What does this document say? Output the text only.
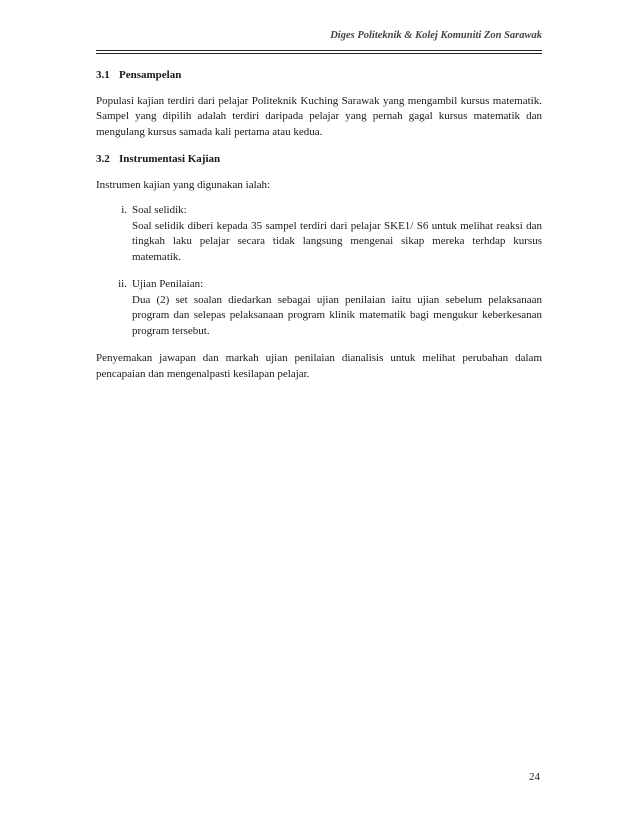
Diges Politeknik & Kolej Komuniti Zon Sarawak
3.1 Pensampelan

Populasi kajian terdiri dari pelajar Politeknik Kuching Sarawak yang mengambil kursus matematik. Sampel yang dipilih adalah terdiri daripada pelajar yang pernah gagal kursus matematik dan mengulang kursus samada kali pertama atau kedua.

3.2 Instrumentasi Kajian

Instrumen kajian yang digunakan ialah:

i. Soal selidik:
Soal selidik diberi kepada 35 sampel terdiri dari pelajar SKE1/ S6 untuk melihat reaksi dan tingkah laku pelajar secara tidak langsung mengenai sikap mereka terhdap kursus matematik.
ii. Ujian Penilaian:
Dua (2) set soalan diedarkan sebagai ujian penilaian iaitu ujian sebelum pelaksanaan program dan selepas pelaksanaan program klinik matematik bagi mengukur keberkesanan program tersebut.

Penyemakan jawapan dan markah ujian penilaian dianalisis untuk melihat perubahan dalam pencapaian dan mengenalpasti kesilapan pelajar.

24
